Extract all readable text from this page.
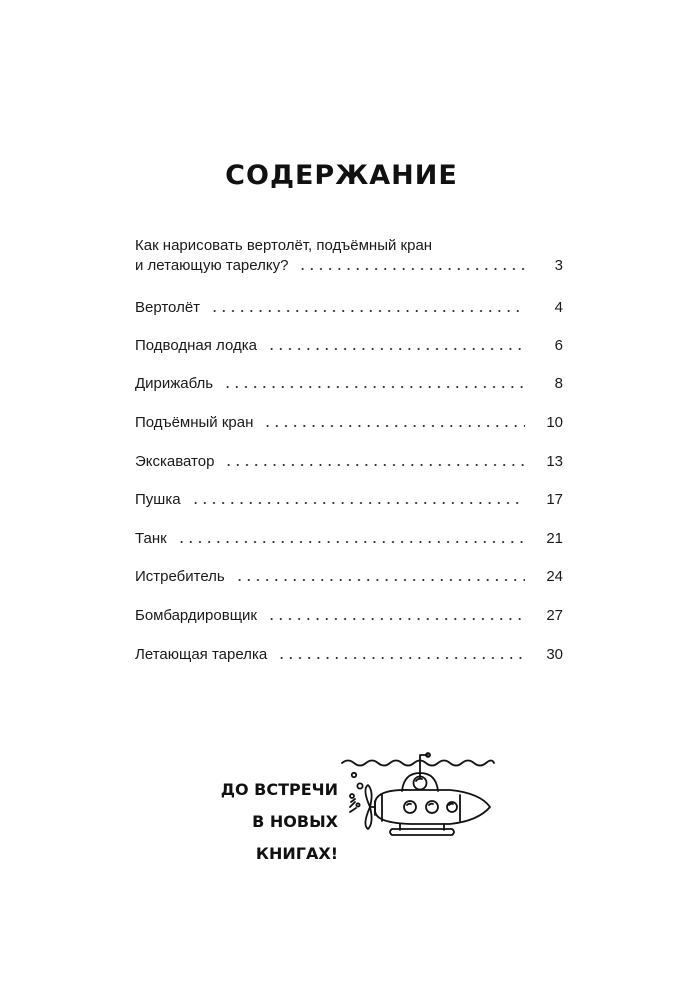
СОДЕРЖАНИЕ
Как нарисовать вертолёт, подъёмный кран
и летающую тарелку?	3
Вертолёт	4
Подводная лодка	6
Дирижабль	8
Подъёмный кран	10
Экскаватор	13
Пушка	17
Танк	21
Истребитель	24
Бомбардировщик	27
Летающая тарелка	30
ДО ВСТРЕЧИ
В НОВЫХ КНИГАХ!
